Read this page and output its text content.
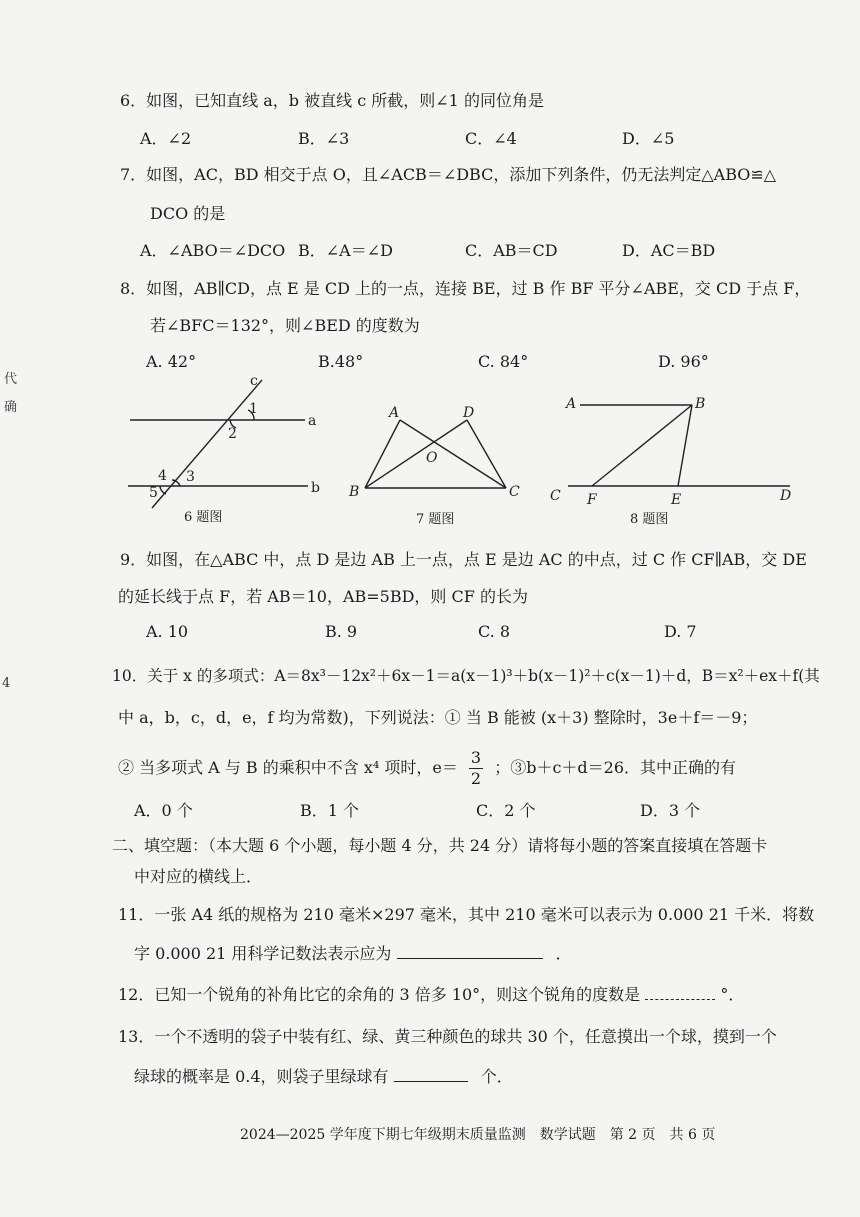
代
确
4
6．如图，已知直线 a，b 被直线 c 所截，则∠1 的同位角是
A．∠2	B．∠3	C．∠4	D．∠5
7．如图，AC，BD 相交于点 O，且∠ACB＝∠DBC，添加下列条件，仍无法判定△ABO≌△
DCO 的是
A．∠ABO＝∠DCO B．∠A＝∠D	C．AB＝CD	D．AC＝BD
8．如图，AB∥CD，点 E 是 CD 上的一点，连接 BE，过 B 作 BF 平分∠ABE，交 CD 于点 F，
若∠BFC＝132°，则∠BED 的度数为
A. 42°	B.48°	C. 84°	D. 96°
c
1
a
2
4 3
5	b
A	D
O
B	C
A	B
C F	E	D
6 题图	7 题图	8 题图
9．如图，在△ABC 中，点 D 是边 AB 上一点，点 E 是边 AC 的中点，过 C 作 CF∥AB，交 DE
的延长线于点 F，若 AB＝10，AB=5BD，则 CF 的长为
A. 10	B. 9	C. 8	D. 7
10．关于 x 的多项式：A＝8x³－12x²＋6x－1＝a(x－1)³＋b(x－1)²＋c(x－1)＋d，B＝x²＋ex＋f(其
中 a，b，c，d，e，f 均为常数)，下列说法：① 当 B 能被 (x＋3) 整除时，3e＋f＝－9；
② 当多项式 A 与 B 的乘积中不含 x⁴ 项时，$e= \frac{3}{2}$ ；③b＋c＋d＝26．其中正确的有
A．0 个	B．1 个	C．2 个	D．3 个
二、填空题：（本大题 6 个小题，每小题 4 分，共 24 分）请将每小题的答案直接填在答题卡
中对应的横线上．
11．一张 A4 纸的规格为 210 毫米×297 毫米，其中 210 毫米可以表示为 0.000 21 千米．将数
字 0.000 21 用科学记数法表示应为	．
12．已知一个锐角的补角比它的余角的 3 倍多 10°，则这个锐角的度数是	°．
13．一个不透明的袋子中装有红、绿、黄三种颜色的球共 30 个，任意摸出一个球，摸到一个
绿球的概率是 0.4，则袋子里绿球有	个．
2024—2025 学年度下期七年级期末质量监测　数学试题　第 2 页　共 6 页
